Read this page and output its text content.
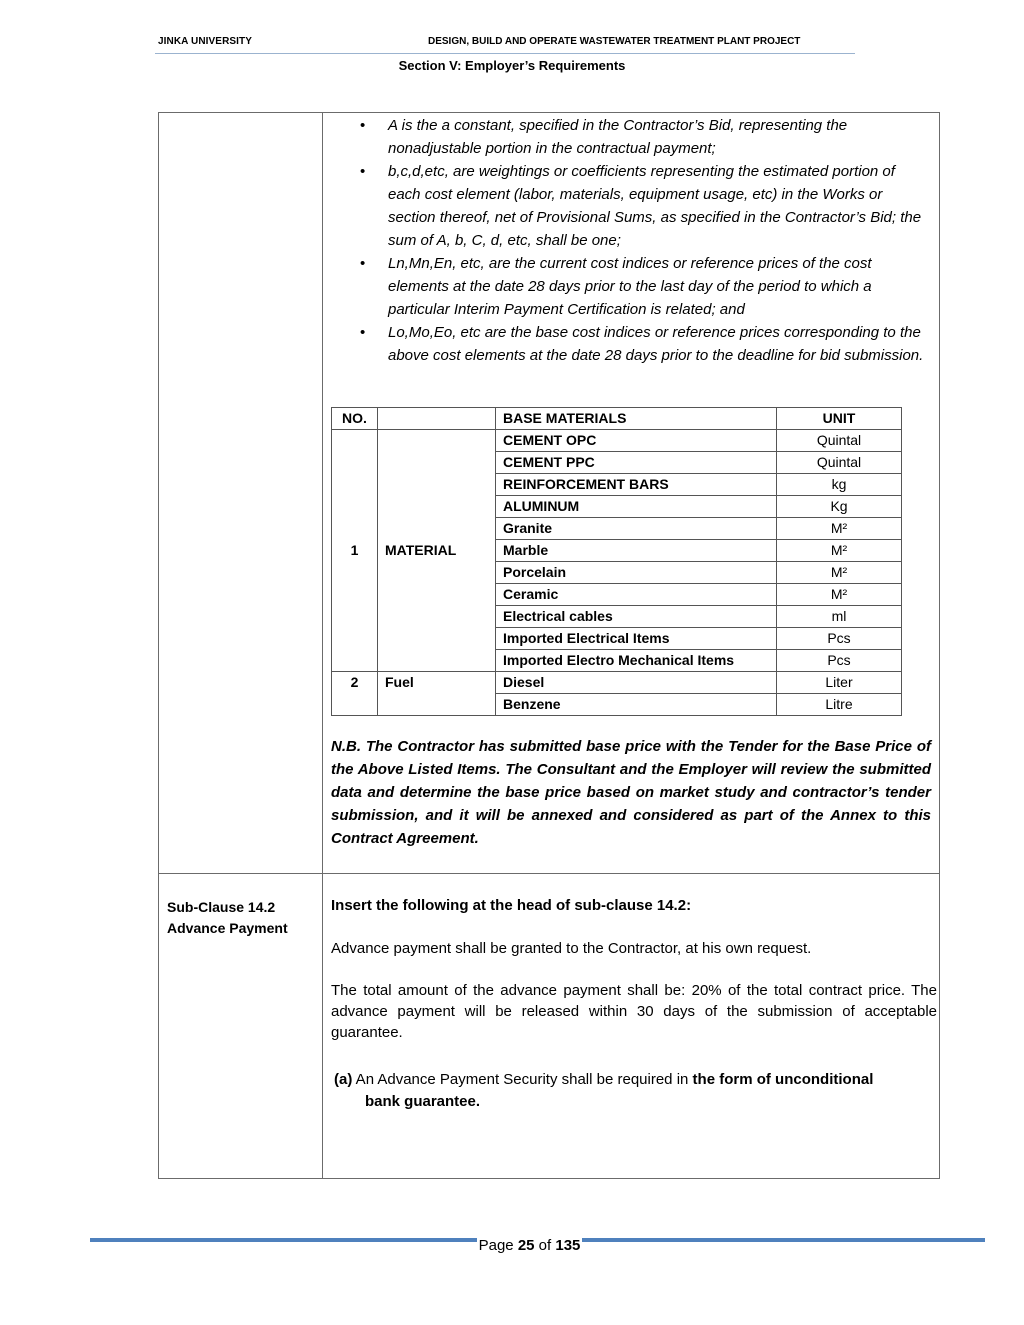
JINKA UNIVERSITY	DESIGN, BUILD AND OPERATE WASTEWATER TREATMENT PLANT PROJECT
Section V: Employer’s Requirements
• A is the a constant, specified in the Contractor’s Bid, representing the nonadjustable portion in the contractual payment;
• b,c,d,etc, are weightings or coefficients representing the estimated portion of each cost element (labor, materials, equipment usage, etc) in the Works or section thereof, net of Provisional Sums, as specified in the Contractor’s Bid; the sum of A, b, C, d, etc, shall be one;
• Ln,Mn,En, etc, are the current cost indices or reference prices of the cost elements at the date 28 days prior to the last day of the period to which a particular Interim Payment Certification is related; and
• Lo,Mo,Eo, etc are the base cost indices or reference prices corresponding to the above cost elements at the date 28 days prior to the deadline for bid submission.
NO.		BASE MATERIALS	UNIT
1	MATERIAL	CEMENT OPC	Quintal
		CEMENT PPC	Quintal
		REINFORCEMENT BARS	kg
		ALUMINUM	Kg
		Granite	M²
		Marble	M²
		Porcelain	M²
		Ceramic	M²
		Electrical cables	ml
		Imported Electrical Items	Pcs
		Imported Electro Mechanical Items	Pcs
2	Fuel	Diesel	Liter
		Benzene	Litre
N.B. The Contractor has submitted base price with the Tender for the Base Price of the Above Listed Items. The Consultant and the Employer will review the submitted data and determine the base price based on market study and contractor’s tender submission, and it will be annexed and considered as part of the Annex to this Contract Agreement.
Sub-Clause 14.2
Advance Payment
Insert the following at the head of sub-clause 14.2:
Advance payment shall be granted to the Contractor, at his own request.
The total amount of the advance payment shall be: 20% of the total contract price. The advance payment will be released within 30 days of the submission of acceptable guarantee.
(a) An Advance Payment Security shall be required in the form of unconditional
bank guarantee.
Page 25 of 135
